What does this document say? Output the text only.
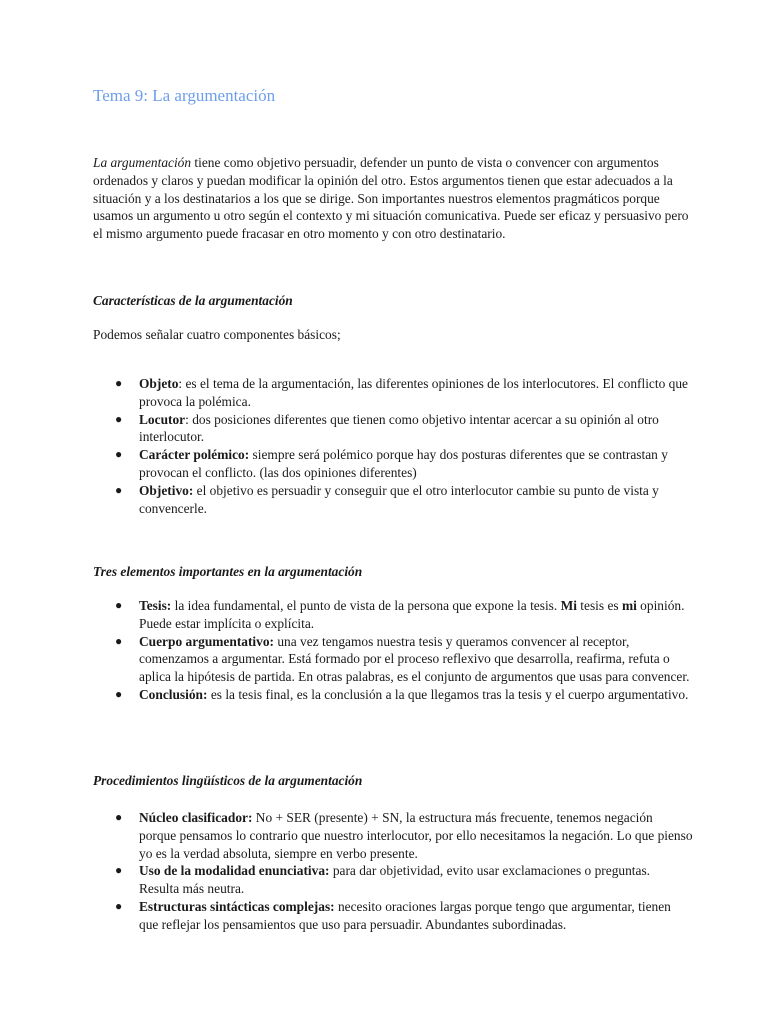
Tema 9: La argumentación

La argumentación tiene como objetivo persuadir, defender un punto de vista o convencer con argumentos ordenados y claros y puedan modificar la opinión del otro. Estos argumentos tienen que estar adecuados a la situación y a los destinatarios a los que se dirige. Son importantes nuestros elementos pragmáticos porque usamos un argumento u otro según el contexto y mi situación comunicativa. Puede ser eficaz y persuasivo pero el mismo argumento puede fracasar en otro momento y con otro destinatario.

Características de la argumentación

Podemos señalar cuatro componentes básicos;

● Objeto: es el tema de la argumentación, las diferentes opiniones de los interlocutores. El conflicto que provoca la polémica.
● Locutor: dos posiciones diferentes que tienen como objetivo intentar acercar a su opinión al otro interlocutor.
● Carácter polémico: siempre será polémico porque hay dos posturas diferentes que se contrastan y provocan el conflicto. (las dos opiniones diferentes)
● Objetivo: el objetivo es persuadir y conseguir que el otro interlocutor cambie su punto de vista y convencerle.
Tres elementos importantes en la argumentación
● Tesis: la idea fundamental, el punto de vista de la persona que expone la tesis. Mi tesis es mi opinión. Puede estar implícita o explícita.
● Cuerpo argumentativo: una vez tengamos nuestra tesis y queramos convencer al receptor, comenzamos a argumentar. Está formado por el proceso reflexivo que desarrolla, reafirma, refuta o aplica la hipótesis de partida. En otras palabras, es el conjunto de argumentos que usas para convencer.
● Conclusión: es la tesis final, es la conclusión a la que llegamos tras la tesis y el cuerpo argumentativo.
Procedimientos lingüísticos de la argumentación
● Núcleo clasificador: No + SER (presente) + SN, la estructura más frecuente, tenemos negación porque pensamos lo contrario que nuestro interlocutor, por ello necesitamos la negación. Lo que pienso yo es la verdad absoluta, siempre en verbo presente.
● Uso de la modalidad enunciativa: para dar objetividad, evito usar exclamaciones o preguntas. Resulta más neutra.
● Estructuras sintácticas complejas: necesito oraciones largas porque tengo que argumentar, tienen que reflejar los pensamientos que uso para persuadir. Abundantes subordinadas.
